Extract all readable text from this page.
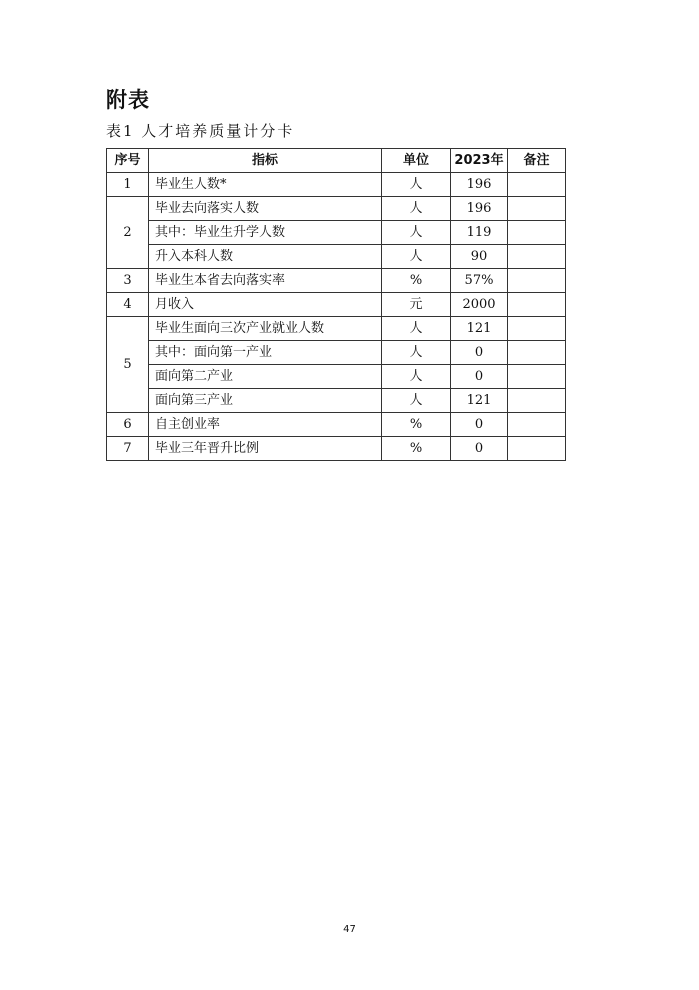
附表
表1 人才培养质量计分卡
序号	指标	单位	2023年	备注
1	毕业生人数*	人	196	
2	毕业去向落实人数	人	196	
	其中：毕业生升学人数	人	119	
	升入本科人数	人	90	
3	毕业生本省去向落实率	%	57%	
4	月收入	元	2000	
5	毕业生面向三次产业就业人数	人	121	
	其中：面向第一产业	人	0	
	面向第二产业	人	0	
	面向第三产业	人	121	
6	自主创业率	%	0	
7	毕业三年晋升比例	%	0	
47
